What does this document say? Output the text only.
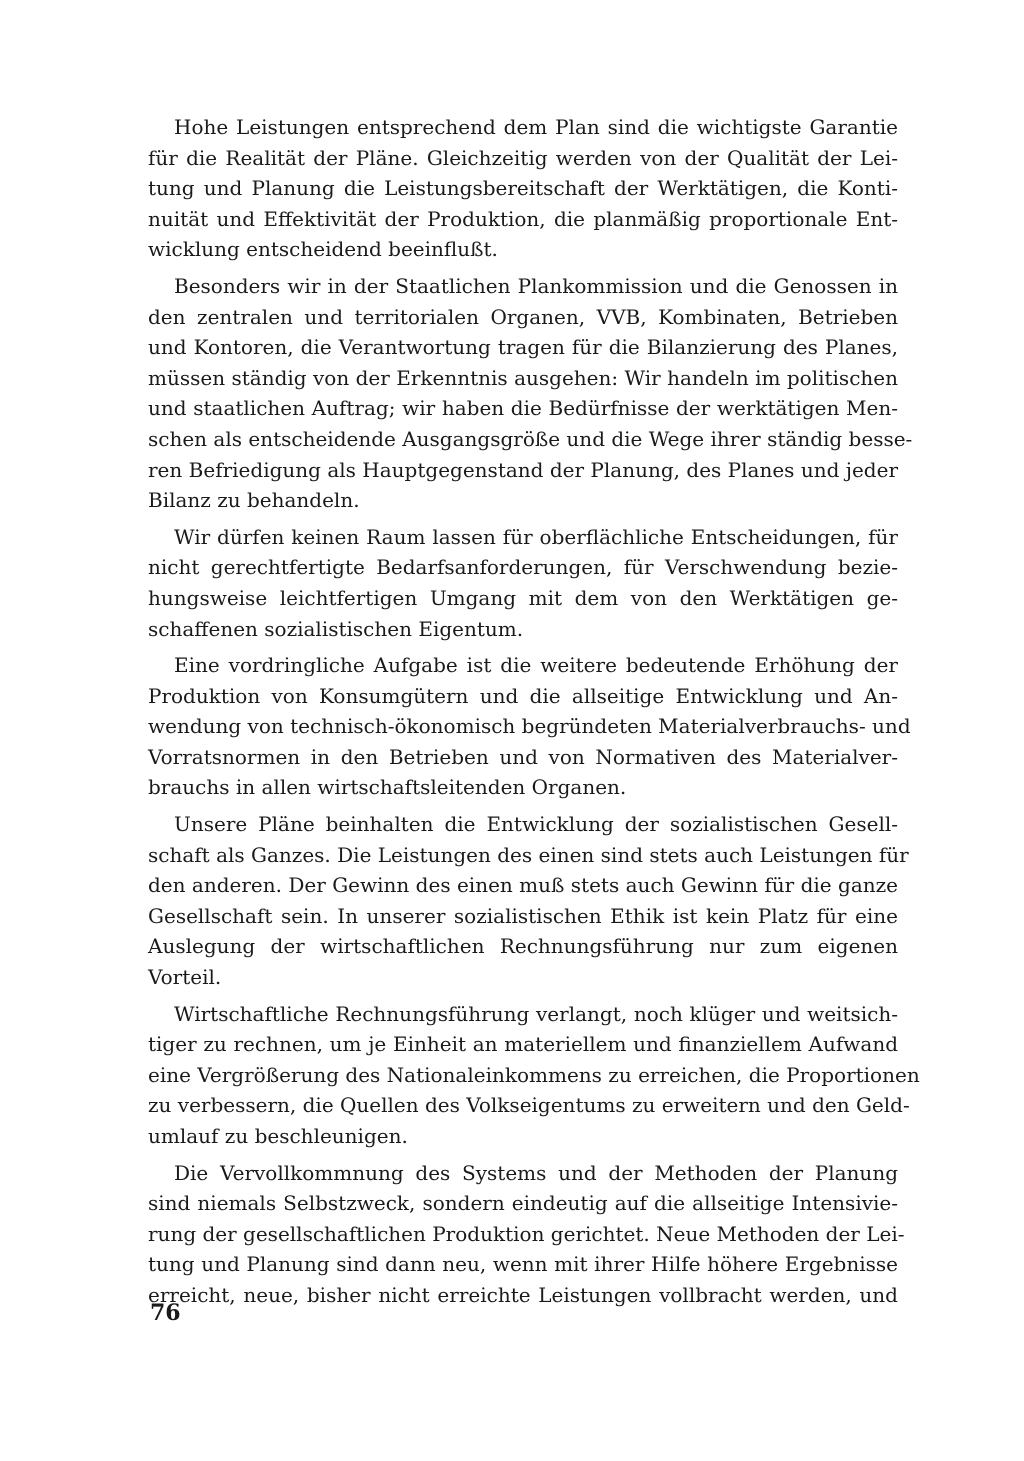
Hohe Leistungen entsprechend dem Plan sind die wichtigste Garantie
für die Realität der Pläne. Gleichzeitig werden von der Qualität der Lei-
tung und Planung die Leistungsbereitschaft der Werktätigen, die Konti-
nuität und Effektivität der Produktion, die planmäßig proportionale Ent-
wicklung entscheidend beeinflußt.
Besonders wir in der Staatlichen Plankommission und die Genossen in
den zentralen und territorialen Organen, VVB, Kombinaten, Betrieben
und Kontoren, die Verantwortung tragen für die Bilanzierung des Planes,
müssen ständig von der Erkenntnis ausgehen: Wir handeln im politischen
und staatlichen Auftrag; wir haben die Bedürfnisse der werktätigen Men-
schen als entscheidende Ausgangsgröße und die Wege ihrer ständig besse-
ren Befriedigung als Hauptgegenstand der Planung, des Planes und jeder
Bilanz zu behandeln.
Wir dürfen keinen Raum lassen für oberflächliche Entscheidungen, für
nicht gerechtfertigte Bedarfsanforderungen, für Verschwendung bezie-
hungsweise leichtfertigen Umgang mit dem von den Werktätigen ge-
schaffenen sozialistischen Eigentum.
Eine vordringliche Aufgabe ist die weitere bedeutende Erhöhung der
Produktion von Konsumgütern und die allseitige Entwicklung und An-
wendung von technisch-ökonomisch begründeten Materialverbrauchs- und
Vorratsnormen in den Betrieben und von Normativen des Materialver-
brauchs in allen wirtschaftsleitenden Organen.
Unsere Pläne beinhalten die Entwicklung der sozialistischen Gesell-
schaft als Ganzes. Die Leistungen des einen sind stets auch Leistungen für
den anderen. Der Gewinn des einen muß stets auch Gewinn für die ganze
Gesellschaft sein. In unserer sozialistischen Ethik ist kein Platz für eine
Auslegung der wirtschaftlichen Rechnungsführung nur zum eigenen
Vorteil.
Wirtschaftliche Rechnungsführung verlangt, noch klüger und weitsich-
tiger zu rechnen, um je Einheit an materiellem und finanziellem Aufwand
eine Vergrößerung des Nationaleinkommens zu erreichen, die Proportionen
zu verbessern, die Quellen des Volkseigentums zu erweitern und den Geld-
umlauf zu beschleunigen.
Die Vervollkommnung des Systems und der Methoden der Planung
sind niemals Selbstzweck, sondern eindeutig auf die allseitige Intensivie-
rung der gesellschaftlichen Produktion gerichtet. Neue Methoden der Lei-
tung und Planung sind dann neu, wenn mit ihrer Hilfe höhere Ergebnisse
erreicht, neue, bisher nicht erreichte Leistungen vollbracht werden, und
76
